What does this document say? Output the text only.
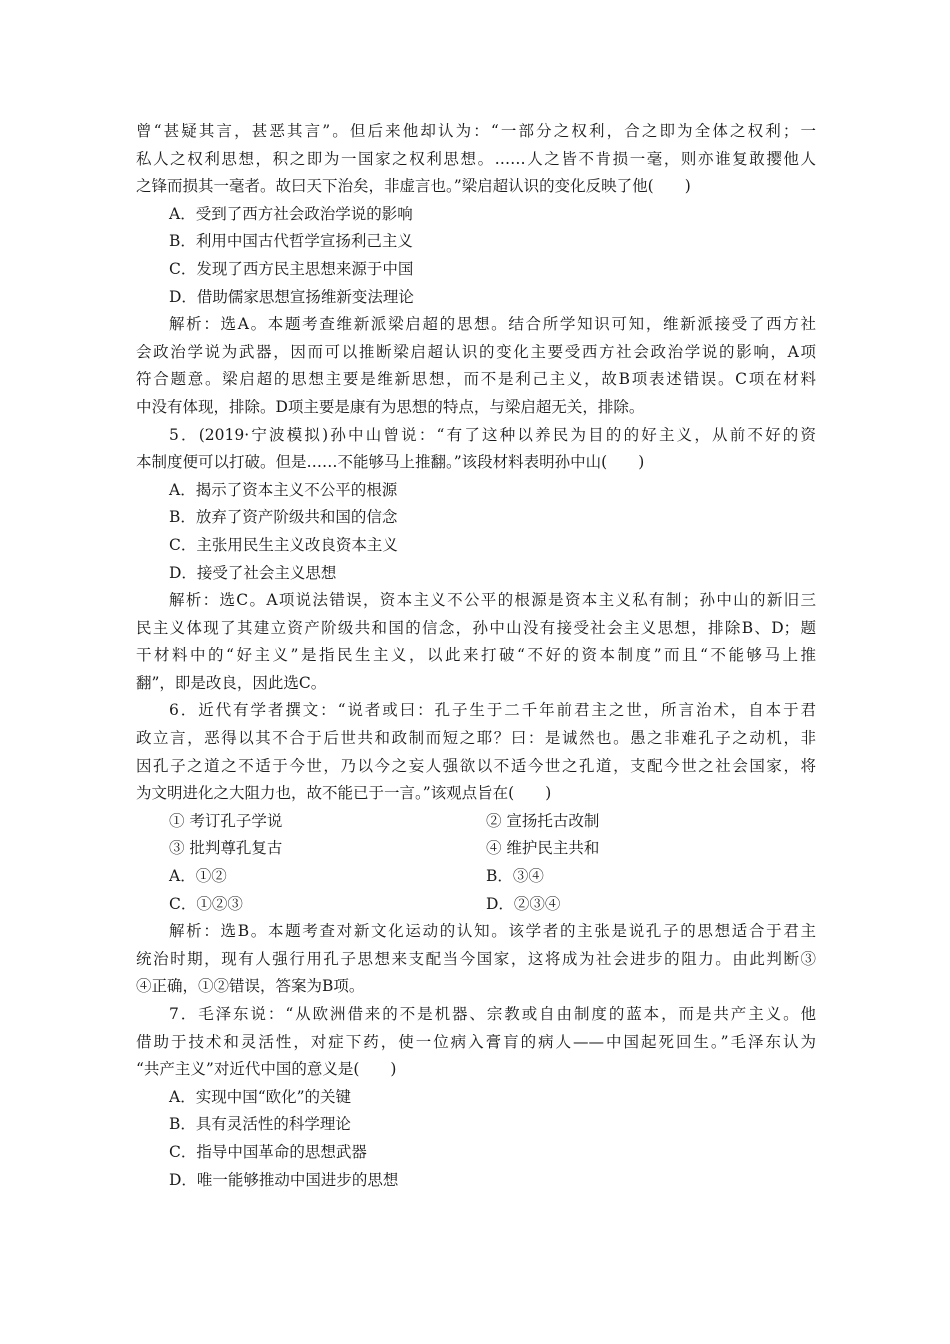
曾“甚疑其言，甚恶其言”。但后来他却认为：“一部分之权利，合之即为全体之权利；一
私人之权利思想，积之即为一国家之权利思想。……人之皆不肯损一毫，则亦谁复敢撄他人
之锋而损其一毫者。故曰天下治矣，非虚言也。”梁启超认识的变化反映了他(　　)
A．受到了西方社会政治学说的影响
B．利用中国古代哲学宣扬利己主义
C．发现了西方民主思想来源于中国
D．借助儒家思想宣扬维新变法理论
解析：选A。本题考查维新派梁启超的思想。结合所学知识可知，维新派接受了西方社
会政治学说为武器，因而可以推断梁启超认识的变化主要受西方社会政治学说的影响，A项
符合题意。梁启超的思想主要是维新思想，而不是利己主义，故B项表述错误。C项在材料
中没有体现，排除。D项主要是康有为思想的特点，与梁启超无关，排除。
5．(2019·宁波模拟)孙中山曾说：“有了这种以养民为目的的好主义，从前不好的资
本制度便可以打破。但是……不能够马上推翻。”该段材料表明孙中山(　　)
A．揭示了资本主义不公平的根源
B．放弃了资产阶级共和国的信念
C．主张用民生主义改良资本主义
D．接受了社会主义思想
解析：选C。A项说法错误，资本主义不公平的根源是资本主义私有制；孙中山的新旧三
民主义体现了其建立资产阶级共和国的信念，孙中山没有接受社会主义思想，排除B、D；题
干材料中的“好主义”是指民生主义，以此来打破“不好的资本制度”而且“不能够马上推
翻”，即是改良，因此选C。
6．近代有学者撰文：“说者或曰：孔子生于二千年前君主之世，所言治术，自本于君
政立言，恶得以其不合于后世共和政制而短之耶？曰：是诚然也。愚之非难孔子之动机，非
因孔子之道之不适于今世，乃以今之妄人强欲以不适今世之孔道，支配今世之社会国家，将
为文明进化之大阻力也，故不能已于一言。”该观点旨在(　　)
① 考订孔子学说	② 宣扬托古改制
③ 批判尊孔复古	④ 维护民主共和
A．①②	B．③④
C．①②③	D．②③④
解析：选B。本题考查对新文化运动的认知。该学者的主张是说孔子的思想适合于君主
统治时期，现有人强行用孔子思想来支配当今国家，这将成为社会进步的阻力。由此判断③
④正确，①②错误，答案为B项。
7．毛泽东说：“从欧洲借来的不是机器、宗教或自由制度的蓝本，而是共产主义。他
借助于技术和灵活性，对症下药，使一位病入膏肓的病人——中国起死回生。”毛泽东认为
“共产主义”对近代中国的意义是(　　)
A．实现中国“欧化”的关键
B．具有灵活性的科学理论
C．指导中国革命的思想武器
D．唯一能够推动中国进步的思想
